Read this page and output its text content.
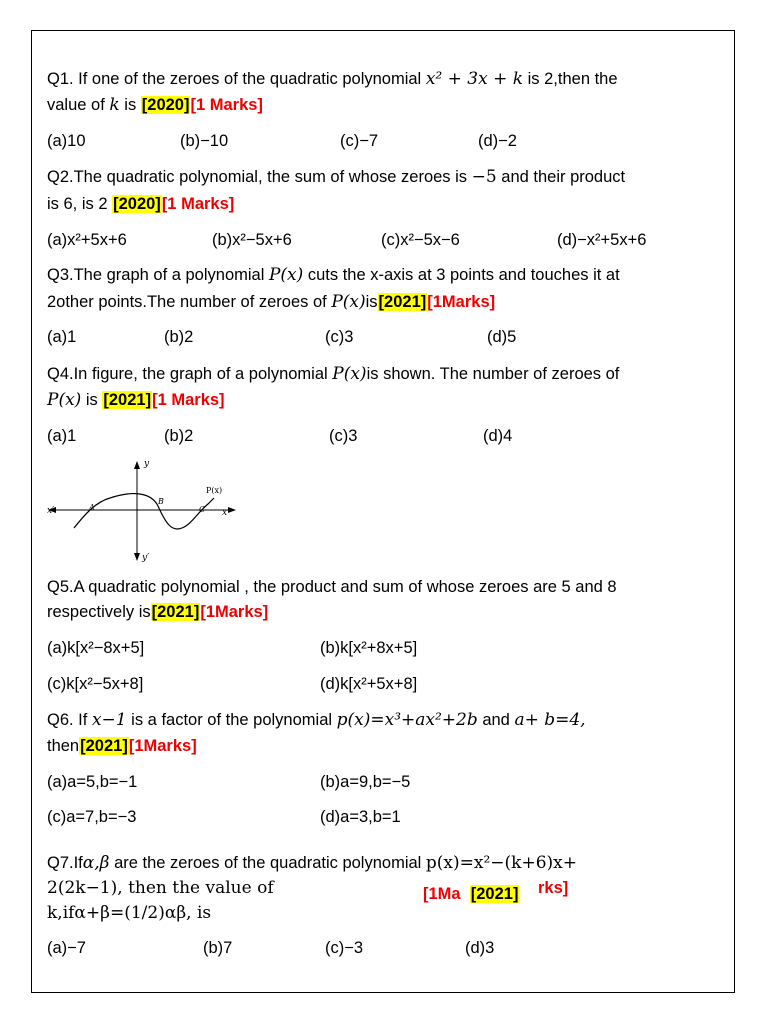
Q1. If one of the zeroes of the quadratic polynomial x² + 3x + k is 2,then the
value of k is [2020][1 Marks]
(a)10	(b)−10	(c)−7	(d)−2
Q2.The quadratic polynomial, the sum of whose zeroes is −5 and their product
is 6, is 2 [2020][1 Marks]
(a)x²+5x+6	(b)x²−5x+6	(c)x²−5x−6	(d)−x²+5x+6
Q3.The graph of a polynomial P(x) cuts the x-axis at 3 points and touches it at
2other points.The number of zeroes of P(x)is[2021][1Marks]
(a)1	(b)2	(c)3	(d)5
Q4.In figure, the graph of a polynomial P(x)is shown. The number of zeroes of
P(x) is [2021][1 Marks]
(a)1	(b)2	(c)3	(d)4
y
y′
x
x′	A
B
C
P(x)
Q5.A quadratic polynomial , the product and sum of whose zeroes are 5 and 8
respectively is[2021][1Marks]
(a)k[x²−8x+5]	(b)k[x²+8x+5]
(c)k[x²−5x+8]	(d)k[x²+5x+8]
Q6. If x−1 is a factor of the polynomial p(x)=x³+ax²+2b and a+ b=4,
then[2021][1Marks]
(a)a=5,b=−1	(b)a=9,b=−5
(c)a=7,b=−3	(d)a=3,b=1
Q7.Ifα,β are the zeroes of the quadratic polynomial p(x)=x²−(k+6)x+
2(2k−1), then the value of
k,ifα+β=(1/2)αβ, is
[1Ma [2021] rks]
(a)−7	(b)7	(c)−3	(d)3
